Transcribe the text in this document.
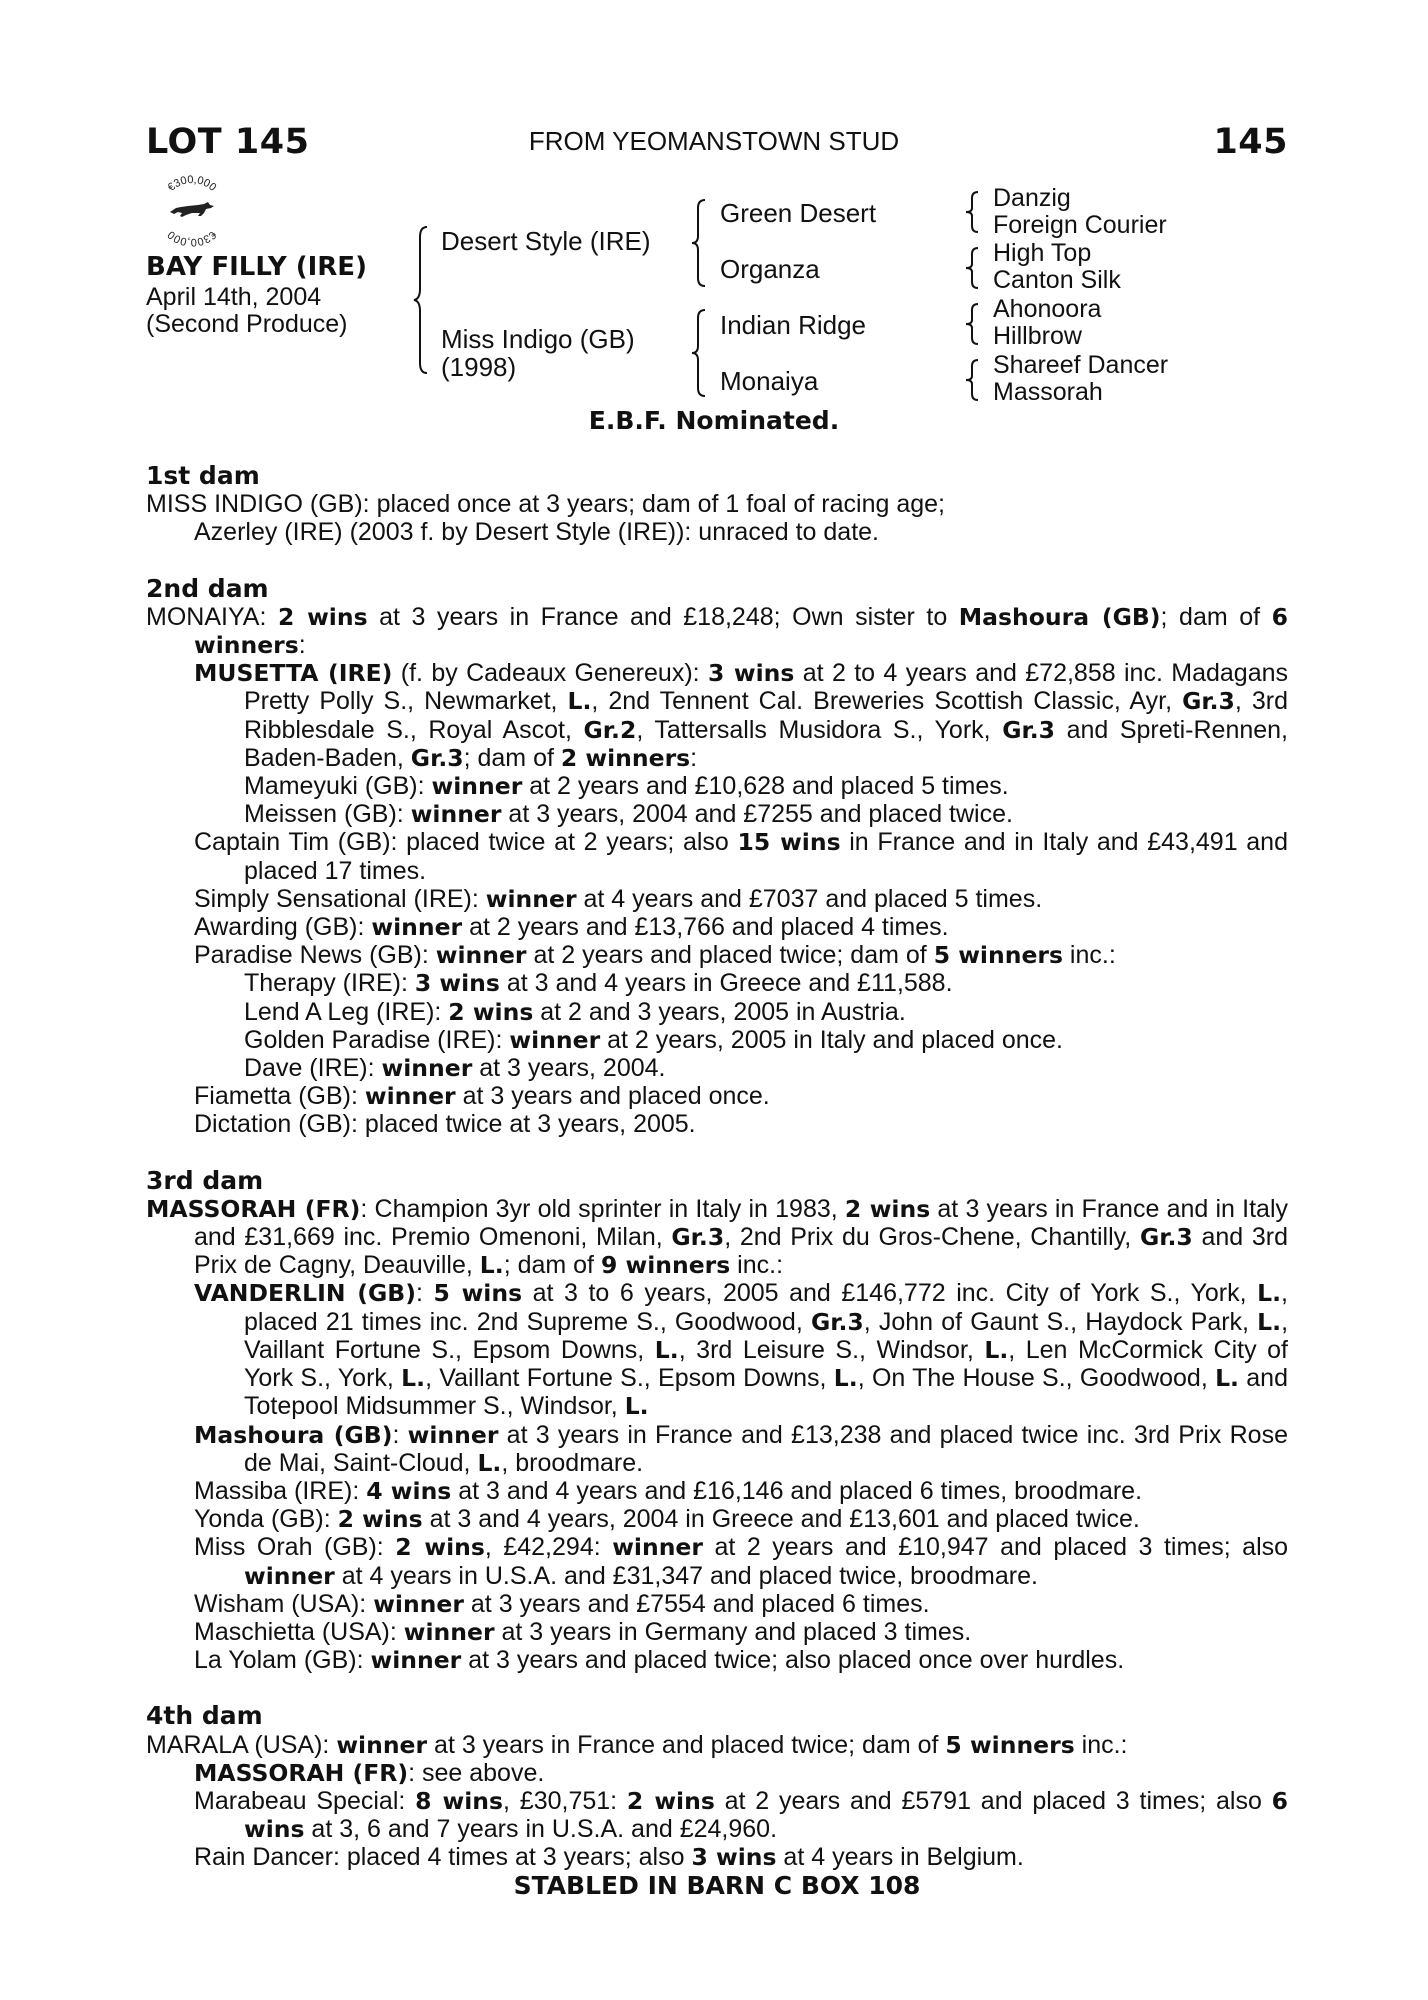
LOT 145	FROM YEOMANSTOWN STUD	145
€300,000
€300,000
BAY FILLY (IRE)
April 14th, 2004
(Second Produce)
Desert Style (IRE)
Miss Indigo (GB)
(1998)
Green Desert
Organza
Indian Ridge
Monaiya
Danzig
Foreign Courier
High Top
Canton Silk
Ahonoora
Hillbrow
Shareef Dancer
Massorah
E.B.F. Nominated.
1st dam

MISS INDIGO (GB): placed once at 3 years; dam of 1 foal of racing age;

Azerley (IRE) (2003 f. by Desert Style (IRE)): unraced to date.

2nd dam

MONAIYA: 2 wins at 3 years in France and £18,248; Own sister to Mashoura (GB); dam of 6 winners:

MUSETTA (IRE) (f. by Cadeaux Genereux): 3 wins at 2 to 4 years and £72,858 inc. Madagans Pretty Polly S., Newmarket, L., 2nd Tennent Cal. Breweries Scottish Classic, Ayr, Gr.3, 3rd Ribblesdale S., Royal Ascot, Gr.2, Tattersalls Musidora S., York, Gr.3 and Spreti-Rennen, Baden-Baden, Gr.3; dam of 2 winners:

Mameyuki (GB): winner at 2 years and £10,628 and placed 5 times.

Meissen (GB): winner at 3 years, 2004 and £7255 and placed twice.

Captain Tim (GB): placed twice at 2 years; also 15 wins in France and in Italy and £43,491 and placed 17 times.

Simply Sensational (IRE): winner at 4 years and £7037 and placed 5 times.

Awarding (GB): winner at 2 years and £13,766 and placed 4 times.

Paradise News (GB): winner at 2 years and placed twice; dam of 5 winners inc.:

Therapy (IRE): 3 wins at 3 and 4 years in Greece and £11,588.

Lend A Leg (IRE): 2 wins at 2 and 3 years, 2005 in Austria.

Golden Paradise (IRE): winner at 2 years, 2005 in Italy and placed once.

Dave (IRE): winner at 3 years, 2004.

Fiametta (GB): winner at 3 years and placed once.

Dictation (GB): placed twice at 3 years, 2005.

3rd dam

MASSORAH (FR): Champion 3yr old sprinter in Italy in 1983, 2 wins at 3 years in France and in Italy and £31,669 inc. Premio Omenoni, Milan, Gr.3, 2nd Prix du Gros-Chene, Chantilly, Gr.3 and 3rd Prix de Cagny, Deauville, L.; dam of 9 winners inc.:

VANDERLIN (GB): 5 wins at 3 to 6 years, 2005 and £146,772 inc. City of York S., York, L., placed 21 times inc. 2nd Supreme S., Goodwood, Gr.3, John of Gaunt S., Haydock Park, L., Vaillant Fortune S., Epsom Downs, L., 3rd Leisure S., Windsor, L., Len McCormick City of York S., York, L., Vaillant Fortune S., Epsom Downs, L., On The House S., Goodwood, L. and Totepool Midsummer S., Windsor, L.

Mashoura (GB): winner at 3 years in France and £13,238 and placed twice inc. 3rd Prix Rose de Mai, Saint-Cloud, L., broodmare.

Massiba (IRE): 4 wins at 3 and 4 years and £16,146 and placed 6 times, broodmare.

Yonda (GB): 2 wins at 3 and 4 years, 2004 in Greece and £13,601 and placed twice.

Miss Orah (GB): 2 wins, £42,294: winner at 2 years and £10,947 and placed 3 times; also winner at 4 years in U.S.A. and £31,347 and placed twice, broodmare.

Wisham (USA): winner at 3 years and £7554 and placed 6 times.

Maschietta (USA): winner at 3 years in Germany and placed 3 times.

La Yolam (GB): winner at 3 years and placed twice; also placed once over hurdles.

4th dam

MARALA (USA): winner at 3 years in France and placed twice; dam of 5 winners inc.:

MASSORAH (FR): see above.

Marabeau Special: 8 wins, £30,751: 2 wins at 2 years and £5791 and placed 3 times; also 6 wins at 3, 6 and 7 years in U.S.A. and £24,960.

Rain Dancer: placed 4 times at 3 years; also 3 wins at 4 years in Belgium.

STABLED IN BARN C BOX 108
